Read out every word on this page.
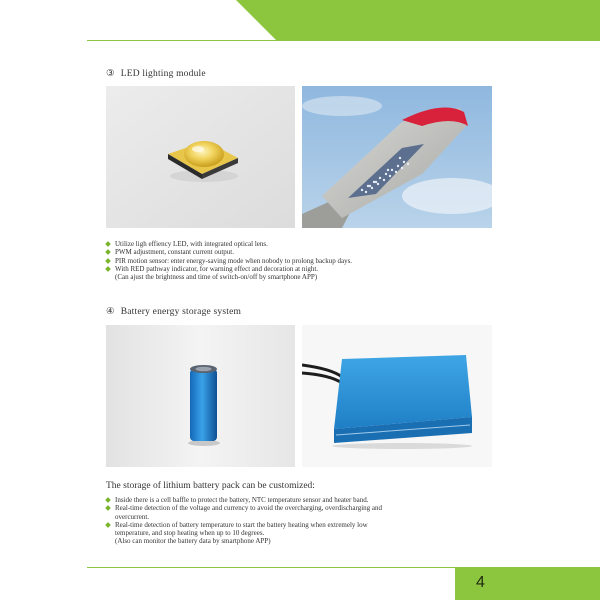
③ LED lighting module
Utilize ligh effiency LED, with integrated optical lens.
PWM adjustment, constant current output.
PIR motion sensor: enter energy-saving mode when nobody to prolong backup days.
With RED pathway indicator, for warning effect and decoration at night.
(Can ajust the brightness and time of switch-on/off by smartphone APP)
④ Battery energy storage system
The storage of lithium battery pack can be customized:
Inside there is a cell baffle to protect the battery, NTC temperature sensor and heater band.
Real-time detection of the voltage and currency to avoid the overcharging, overdischarging and
overcurrent.
Real-time detection of battery temperature to start the battery heating when extremely low
temperature, and stop heating when up to 10 degrees.
(Also can monitor the battery data by smartphone APP)
4
